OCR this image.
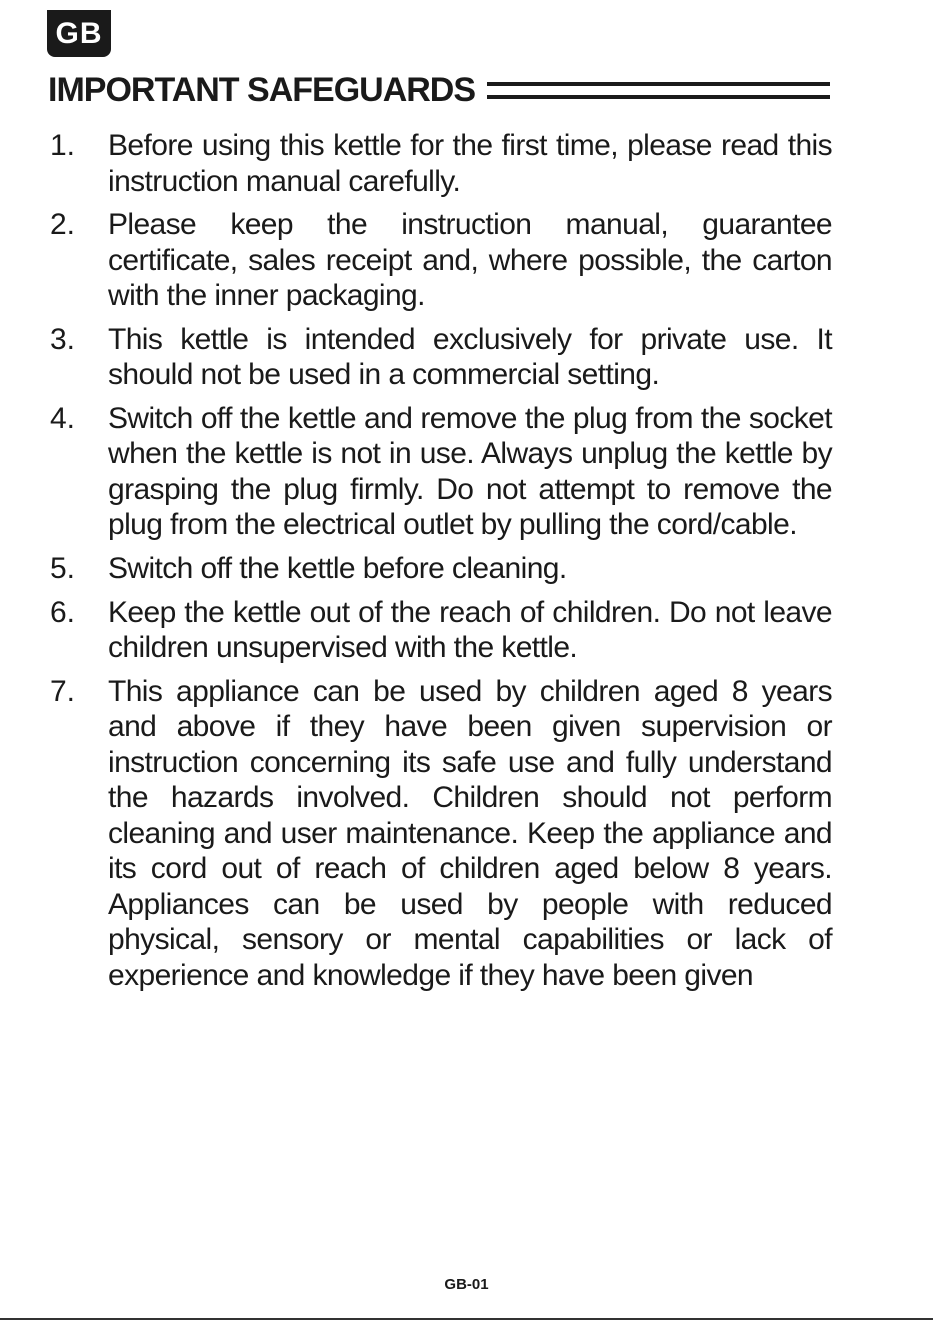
GB
IMPORTANT SAFEGUARDS
1.	Before using this kettle for the first time, please read this instruction manual carefully.
2.	Please keep the instruction manual, guarantee certificate, sales receipt and, where possible, the carton with the inner packaging.
3.	This kettle is intended exclusively for private use. It should not be used in a commercial setting.
4.	Switch off the kettle and remove the plug from the socket when the kettle is not in use. Always unplug the kettle by grasping the plug firmly. Do not attempt to remove the plug from the electrical outlet by pulling the cord/cable.
5.	Switch off the kettle before cleaning.
6.	Keep the kettle out of the reach of children. Do not leave children unsupervised with the kettle.
7.	This appliance can be used by children aged 8 years and above if they have been given supervision or instruction concerning its safe use and fully understand the hazards involved. Children should not perform cleaning and user maintenance. Keep the appliance and its cord out of reach of children aged below 8 years. Appliances can be used by people with reduced physical, sensory or mental capabilities or lack of experience and knowledge if they have been given
GB-01
